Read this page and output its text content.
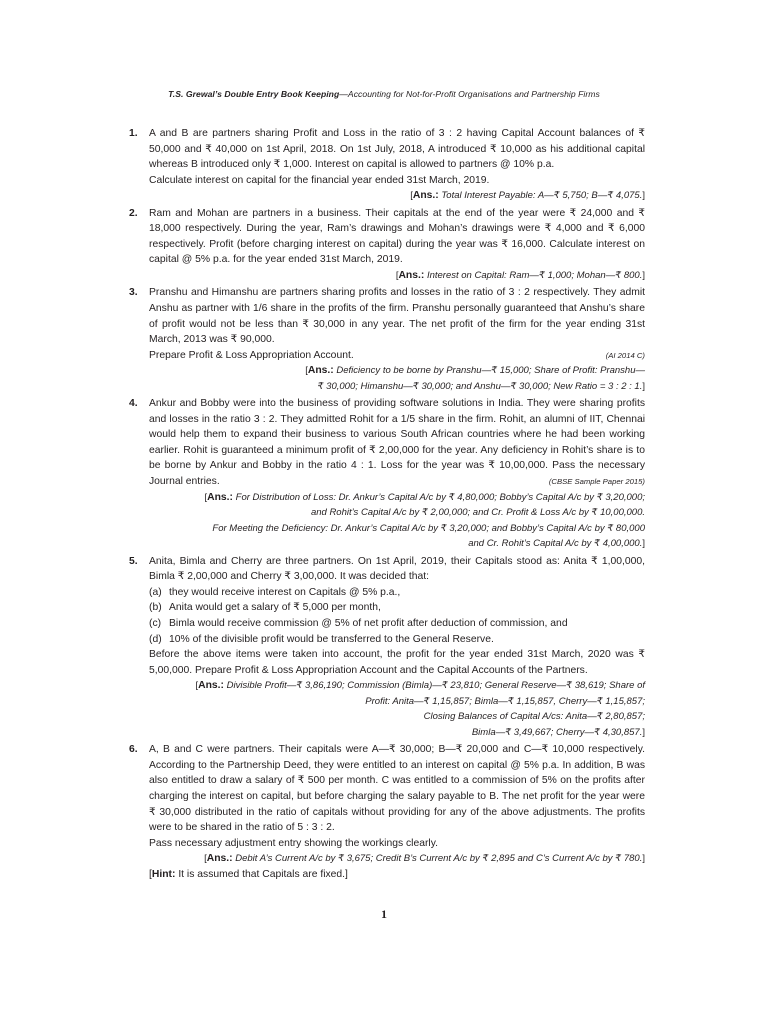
T.S. Grewal’s Double Entry Book Keeping—Accounting for Not-for-Profit Organisations and Partnership Firms
1. A and B are partners sharing Profit and Loss in the ratio of 3 : 2 having Capital Account balances of ₹ 50,000 and ₹ 40,000 on 1st April, 2018. On 1st July, 2018, A introduced ₹ 10,000 as his additional capital whereas B introduced only ₹ 1,000. Interest on capital is allowed to partners @ 10% p.a.
Calculate interest on capital for the financial year ended 31st March, 2019.
[Ans.: Total Interest Payable: A—₹ 5,750; B—₹ 4,075.]
2. Ram and Mohan are partners in a business. Their capitals at the end of the year were ₹ 24,000 and ₹ 18,000 respectively. During the year, Ram’s drawings and Mohan’s drawings were ₹ 4,000 and ₹ 6,000 respectively. Profit (before charging interest on capital) during the year was ₹ 16,000. Calculate interest on capital @ 5% p.a. for the year ended 31st March, 2019.
[Ans.: Interest on Capital: Ram—₹ 1,000; Mohan—₹ 800.]
3. Pranshu and Himanshu are partners sharing profits and losses in the ratio of 3 : 2 respectively. They admit Anshu as partner with 1/6 share in the profits of the firm. Pranshu personally guaranteed that Anshu’s share of profit would not be less than ₹ 30,000 in any year. The net profit of the firm for the year ending 31st March, 2013 was ₹ 90,000.
(AI 2014 C)
Prepare Profit & Loss Appropriation Account.
[Ans.: Deficiency to be borne by Pranshu—₹ 15,000; Share of Profit: Pranshu—
₹ 30,000; Himanshu—₹ 30,000; and Anshu—₹ 30,000; New Ratio = 3 : 2 : 1.]
4. Ankur and Bobby were into the business of providing software solutions in India. They were sharing profits and losses in the ratio 3 : 2. They admitted Rohit for a 1/5 share in the firm. Rohit, an alumni of IIT, Chennai would help them to expand their business to various South African countries where he had been working earlier. Rohit is guaranteed a minimum profit of ₹ 2,00,000 for the year. Any deficiency in Rohit’s share is to be borne by Ankur and Bobby in the ratio 4 : 1. Loss for the year was ₹ 10,00,000. Pass the necessary Journal entries.	(CBSE Sample Paper 2015)
[Ans.: For Distribution of Loss: Dr. Ankur’s Capital A/c by ₹ 4,80,000; Bobby’s Capital A/c by ₹ 3,20,000;
and Rohit’s Capital A/c by ₹ 2,00,000; and Cr. Profit & Loss A/c by ₹ 10,00,000.
For Meeting the Deficiency: Dr. Ankur’s Capital A/c by ₹ 3,20,000; and Bobby’s Capital A/c by ₹ 80,000
and Cr. Rohit’s Capital A/c by ₹ 4,00,000.]
5. Anita, Bimla and Cherry are three partners. On 1st April, 2019, their Capitals stood as: Anita ₹ 1,00,000, Bimla ₹ 2,00,000 and Cherry ₹ 3,00,000. It was decided that:
(a) they would receive interest on Capitals @ 5% p.a.,
(b) Anita would get a salary of ₹ 5,000 per month,
(c) Bimla would receive commission @ 5% of net profit after deduction of commission, and
(d) 10% of the divisible profit would be transferred to the General Reserve.
Before the above items were taken into account, the profit for the year ended 31st March, 2020 was ₹ 5,00,000. Prepare Profit & Loss Appropriation Account and the Capital Accounts of the Partners.
[Ans.: Divisible Profit—₹ 3,86,190; Commission (Bimla)—₹ 23,810; General Reserve—₹ 38,619; Share of
Profit: Anita—₹ 1,15,857; Bimla—₹ 1,15,857, Cherry—₹ 1,15,857;
Closing Balances of Capital A/cs: Anita—₹ 2,80,857;
Bimla—₹ 3,49,667; Cherry—₹ 4,30,857.]
6. A, B and C were partners. Their capitals were A—₹ 30,000; B—₹ 20,000 and C—₹ 10,000 respectively. According to the Partnership Deed, they were entitled to an interest on capital @ 5% p.a. In addition, B was also entitled to draw a salary of ₹ 500 per month. C was entitled to a commission of 5% on the profits after charging the interest on capital, but before charging the salary payable to B. The net profit for the year were ₹ 30,000 distributed in the ratio of capitals without providing for any of the above adjustments. The profits were to be shared in the ratio of 5 : 3 : 2.
Pass necessary adjustment entry showing the workings clearly.
[Ans.: Debit A’s Current A/c by ₹ 3,675; Credit B’s Current A/c by ₹ 2,895 and C’s Current A/c by ₹ 780.]
[Hint: It is assumed that Capitals are fixed.]
1
